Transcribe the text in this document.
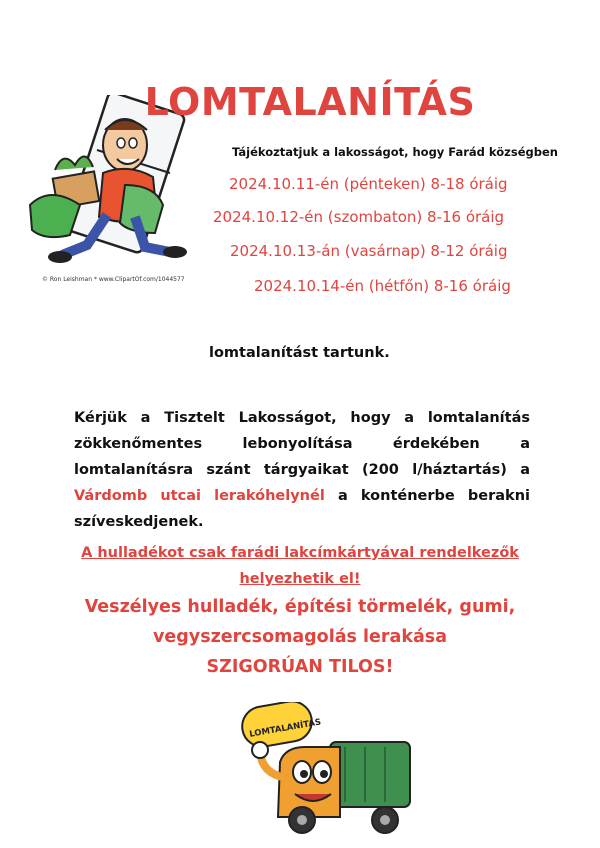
© Ron Leishman * www.ClipartOf.com/1044577
LOMTALANÍTÁS
Tájékoztatjuk a lakosságot, hogy Farád községben
2024.10.11-én (pénteken) 8-18 óráig
2024.10.12-én (szombaton) 8-16 óráig
2024.10.13-án (vasárnap) 8-12 óráig
2024.10.14-én (hétfőn) 8-16 óráig
lomtalanítást tartunk.
Kérjük a Tisztelt Lakosságot, hogy a lomtalanítás zökkenőmentes lebonyolítása érdekében a lomtalanításra szánt tárgyaikat (200 l/háztartás) a Várdomb utcai lerakóhelynél a konténerbe berakni szíveskedjenek.
A hulladékot csak farádi lakcímkártyával rendelkezők helyezhetik el!
Veszélyes hulladék, építési törmelék, gumi,
vegyszercsomagolás lerakása
SZIGORÚAN TILOS!
LOMTALANÍTÁS
